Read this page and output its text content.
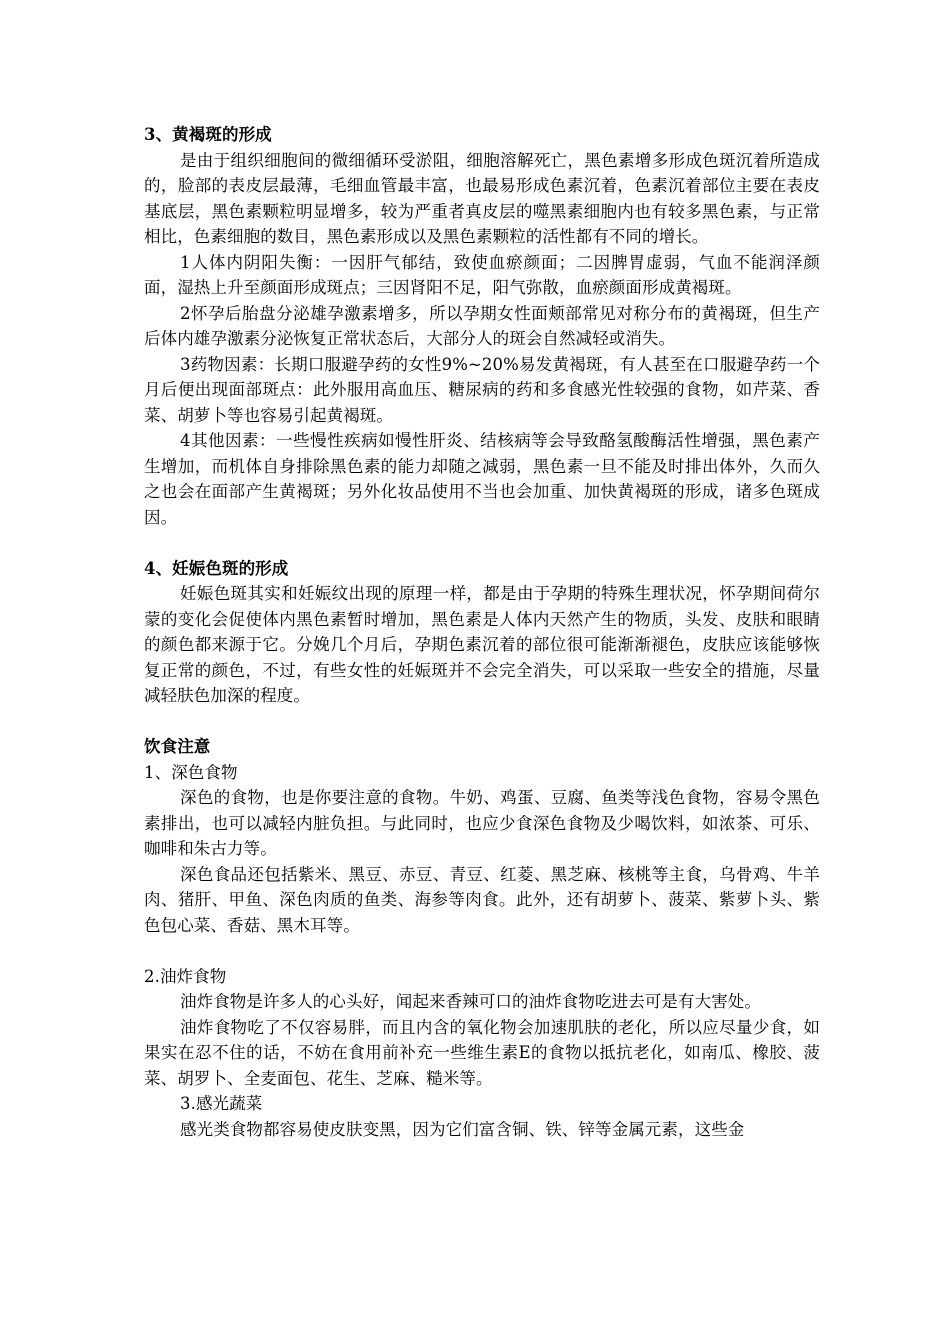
3、黄褐斑的形成

是由于组织细胞间的微细循环受淤阻，细胞溶解死亡，黑色素增多形成色斑沉着所造成的，脸部的表皮层最薄，毛细血管最丰富，也最易形成色素沉着，色素沉着部位主要在表皮基底层，黑色素颗粒明显增多，较为严重者真皮层的噬黑素细胞内也有较多黑色素，与正常相比，色素细胞的数目，黑色素形成以及黑色素颗粒的活性都有不同的增长。

1人体内阴阳失衡：一因肝气郁结，致使血瘀颜面；二因脾胃虚弱，气血不能润泽颜面，湿热上升至颜面形成斑点；三因肾阳不足，阳气弥散，血瘀颜面形成黄褐斑。

2怀孕后胎盘分泌雄孕激素增多，所以孕期女性面颊部常见对称分布的黄褐斑，但生产后体内雄孕激素分泌恢复正常状态后，大部分人的斑会自然减轻或消失。

3药物因素：长期口服避孕药的女性9%~20%易发黄褐斑，有人甚至在口服避孕药一个月后便出现面部斑点：此外服用高血压、糖尿病的药和多食感光性较强的食物，如芹菜、香菜、胡萝卜等也容易引起黄褐斑。

4其他因素：一些慢性疾病如慢性肝炎、结核病等会导致酪氢酸酶活性增强，黑色素产生增加，而机体自身排除黑色素的能力却随之减弱，黑色素一旦不能及时排出体外，久而久之也会在面部产生黄褐斑；另外化妆品使用不当也会加重、加快黄褐斑的形成，诸多色斑成因。

4、妊娠色斑的形成

妊娠色斑其实和妊娠纹出现的原理一样，都是由于孕期的特殊生理状况，怀孕期间荷尔蒙的变化会促使体内黑色素暂时增加，黑色素是人体内天然产生的物质，头发、皮肤和眼睛的颜色都来源于它。分娩几个月后，孕期色素沉着的部位很可能渐渐褪色，皮肤应该能够恢复正常的颜色，不过，有些女性的妊娠斑并不会完全消失，可以采取一些安全的措施，尽量减轻肤色加深的程度。

饮食注意

1、深色食物

深色的食物，也是你要注意的食物。牛奶、鸡蛋、豆腐、鱼类等浅色食物，容易令黑色素排出，也可以减轻内脏负担。与此同时，也应少食深色食物及少喝饮料，如浓茶、可乐、咖啡和朱古力等。

深色食品还包括紫米、黑豆、赤豆、青豆、红菱、黑芝麻、核桃等主食，乌骨鸡、牛羊肉、猪肝、甲鱼、深色肉质的鱼类、海参等肉食。此外，还有胡萝卜、菠菜、紫萝卜头、紫色包心菜、香菇、黑木耳等。

2.油炸食物

油炸食物是许多人的心头好，闻起来香辣可口的油炸食物吃进去可是有大害处。

油炸食物吃了不仅容易胖，而且内含的氧化物会加速肌肤的老化，所以应尽量少食，如果实在忍不住的话，不妨在食用前补充一些维生素E的食物以抵抗老化，如南瓜、橡胶、菠菜、胡罗卜、全麦面包、花生、芝麻、糙米等。

3.感光蔬菜

感光类食物都容易使皮肤变黑，因为它们富含铜、铁、锌等金属元素，这些金
